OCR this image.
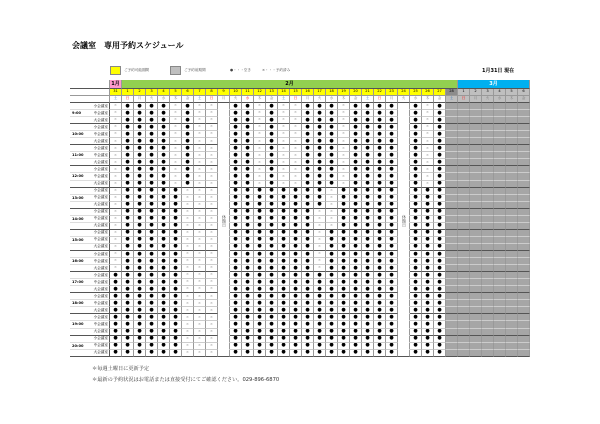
会議室　専用予約スケジュール
ご予約可能期間	ご予約前期間	●・・・空き	×・・・予約済み	1月31日 現在
1月	2月	3月
31	1	2	3	4	5	6	7	8	9	10	11	12	13	14	15	16	17	18	19	20	21	22	23	24	25	26	27	28	1	2	3	4	5	6
土	日	月	火	水	木	金	土	日	月	火	水	木	金	土	日	月	火	水	木	金	土	日	月	火	水	木	金	土	日	月	火	水	木	金
小会議室	×	●	●	●	●	×	●	×	×	●	●	×	●	×	×	●	●	●	×	●	●	●	●	●	×	●
9:00	中会議室	×	●	●	●	●	×	●	×	×	●	●	×	●	×	×	●	●	●	×	●	●	●	●	●	×	●
大会議室	×	●	●	●	●	×	●	×	×	●	●	×	●	×	×	●	●	●	×	●	●	●	●	●	×	●
小会議室	×	●	●	●	●	×	●	×	×	●	●	×	●	×	×	●	●	●	×	●	●	●	●	●	×	●
10:00	中会議室	×	●	●	●	●	×	●	×	×	●	●	×	●	×	×	●	●	●	×	●	●	●	●	●	×	●
大会議室	×	●	●	●	●	×	●	×	×	●	●	×	●	×	×	●	●	●	×	●	●	●	●	●	×	●
小会議室	×	●	●	●	●	×	●	×	×	●	●	×	●	×	×	●	●	●	×	●	●	●	●	●	×	●
11:00	中会議室	×	●	●	●	●	×	●	×	×	●	●	×	●	×	×	●	●	●	×	●	●	●	●	●	×	●
大会議室	×	●	●	●	●	×	●	×	×	●	●	×	●	×	×	●	●	●	×	●	●	●	●	●	×	●
小会議室	×	●	●	●	●	×	●	×	×	●	●	×	●	×	×	●	●	●	×	●	●	●	●	●	×	●
12:00	中会議室	×	●	●	●	●	×	●	×	×	●	●	×	●	×	×	●	●	●	×	●	●	●	●	●	×	●
大会議室	×	●	●	●	●	×	●	×	×	●	●	×	●	×	×	●	●	●	×	●	●	●	●	●	×	●
小会議室	×	●	●	●	●	●	×	×	×	●	●	●	●	●	●	●	●	×	●	●	●	●	●	●	●	●
13:00	中会議室	×	●	●	●	●	●	×	×	×	●	●	●	●	●	●	●	●	×	●	●	●	●	●	●	●	●
大会議室	×	●	●	●	●	●	×	×	×	●	●	●	●	●	●	●	●	×	●	●	●	●	●	●	●	●
小会議室	×	●	●	●	●	●	×	×	×	●	●	●	●	●	●	●	×	×	●	●	●	●	●	●	●	●
14:00	中会議室	×	●	●	●	●	●	×	×	×	●	●	●	●	●	●	●	×	×	●	●	●	●	●	●	●	●
大会議室	×	●	●	●	●	●	×	×	×	●	●	●	●	●	●	●	×	×	●	●	●	●	●	●	●	●
小会議室	×	●	●	●	●	●	×	×	×	●	●	●	●	●	●	●	×	●	●	●	●	●	●	●	●	●
15:00	中会議室	×	●	●	●	●	●	×	×	×	●	●	●	●	●	●	●	×	●	●	●	●	●	●	●	●	●
大会議室	×	●	●	●	●	●	×	×	×	●	●	●	●	●	●	●	×	●	●	●	●	●	●	●	●	●
小会議室	×	●	●	●	●	●	×	×	×	●	●	●	●	●	●	●	×	●	●	●	●	●	●	●	●	●
16:00	中会議室	×	●	●	●	●	●	×	×	×	●	●	●	●	●	●	●	×	●	●	●	●	●	●	●	●	●
大会議室	×	●	●	●	●	●	×	×	×	●	●	●	●	●	●	●	×	●	●	●	●	●	●	●	●	●
小会議室	●	●	●	●	●	●	×	×	×	●	●	●	●	●	●	●	●	●	●	●	●	●	●	●	●	●
17:00	中会議室	●	●	●	●	●	●	×	×	×	●	●	●	●	●	●	●	●	●	●	●	●	●	●	●	●	●
大会議室	●	●	●	●	●	●	×	×	×	●	●	●	●	●	●	●	●	●	●	●	●	●	●	●	●	●
小会議室	●	●	●	●	●	●	×	×	×	●	●	●	●	●	●	●	●	●	●	●	●	●	●	●	●	●
18:00	中会議室	●	●	●	●	●	●	×	×	×	●	●	●	●	●	●	●	●	●	●	●	●	●	●	●	●	●
大会議室	●	●	●	●	●	●	×	×	×	●	●	●	●	●	●	●	●	●	●	●	●	●	●	●	●	●
小会議室	●	●	●	●	●	●	×	×	×	●	●	●	●	●	●	●	●	●	●	●	●	●	●	●	●	●
19:00	中会議室	●	●	●	●	●	●	×	×	×	●	●	●	●	●	●	●	●	●	●	●	●	●	●	●	●	●
大会議室	●	●	●	●	●	●	×	×	×	●	●	●	●	●	●	●	●	●	●	●	●	●	●	●	●	●
小会議室	●	●	●	●	●	●	×	×	×	●	●	●	●	●	●	●	●	●	●	●	●	●	●	●	●	●
20:00	中会議室	●	●	●	●	●	●	×	×	×	●	●	●	●	●	●	●	●	●	●	●	●	●	●	●	●	●
大会議室	●	●	●	●	●	●	×	×	×	●	●	●	●	●	●	●	●	●	●	●	●	●	●	●	●	●
休館日	休館日
＊毎週土曜日に更新予定
＊最新の予約状況はお電話または直接受付にてご確認ください。029-896-6870
